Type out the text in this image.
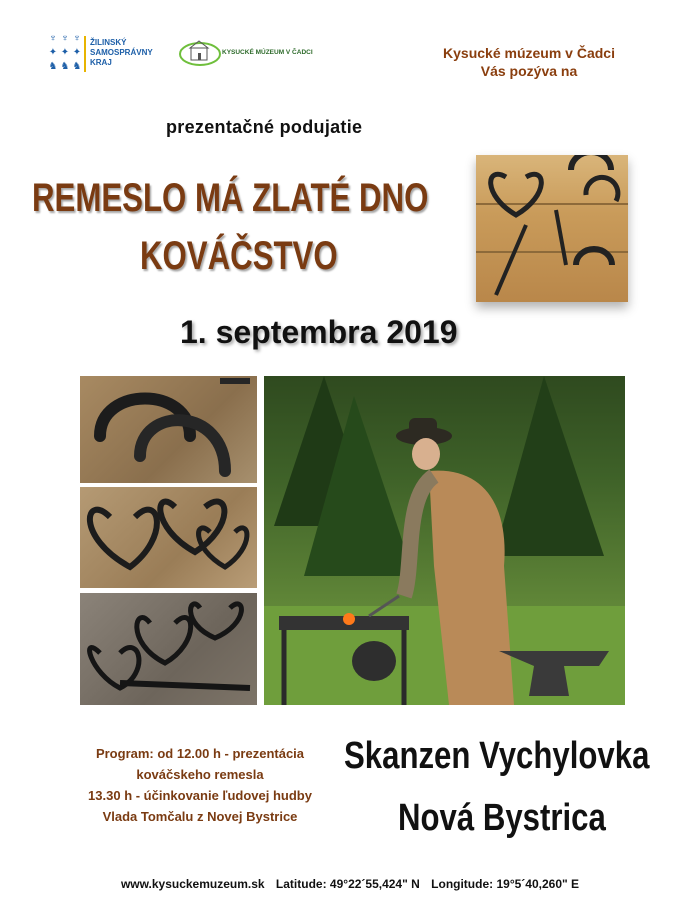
♆ ♆ ♆
✦ ✦ ✦
♞ ♞ ♞
ŽILINSKÝ
SAMOSPRÁVNY
KRAJ
KYSUCKÉ MÚZEUM V ČADCI	Kysucké múzeum v Čadci
Vás pozýva na
prezentačné podujatie
REMESLO MÁ ZLATÉ DNO
KOVÁČSTVO
1. septembra 2019
Program: od 12.00 h - prezentácia
kováčskeho remesla
13.30 h - účinkovanie ľudovej hudby
Vlada Tomčalu z Novej Bystrice
Skanzen Vychylovka
Nová Bystrica
www.kysuckemuzeum.sk Latitude: 49°22´55,424" N Longitude: 19°5´40,260" E
